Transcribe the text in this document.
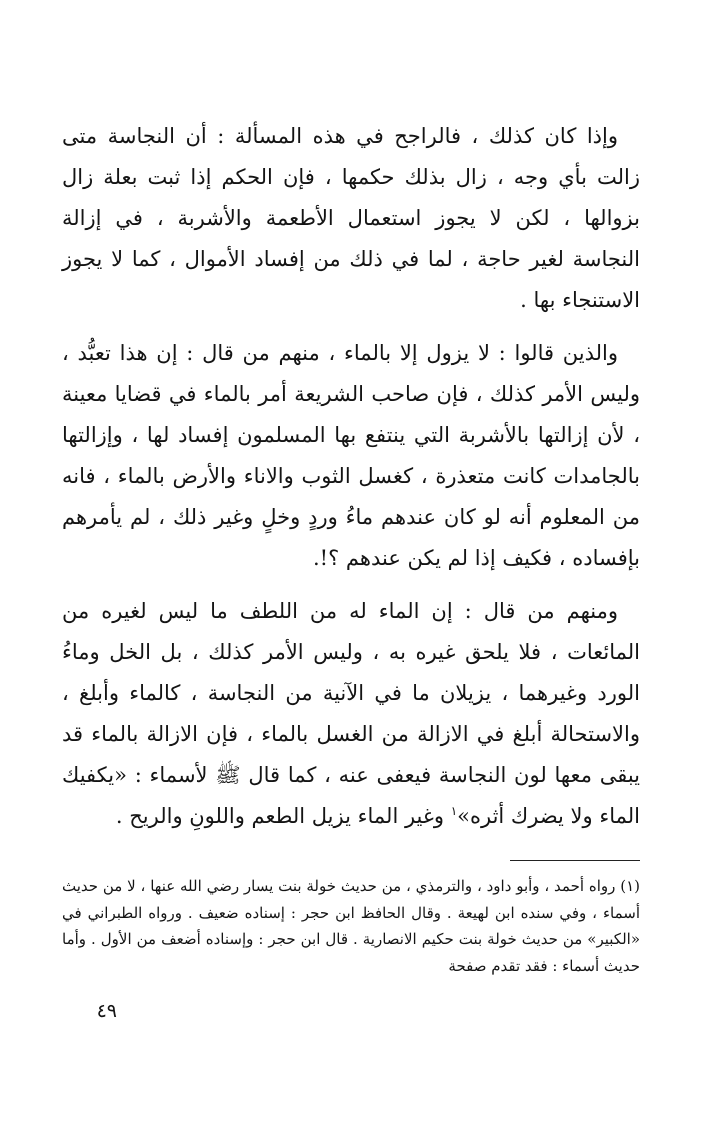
وإذا كان كذلك ، فالراجح في هذه المسألة : أن النجاسة متى زالت بأي وجه ، زال بذلك حكمها ، فإن الحكم إذا ثبت بعلة زال بزوالها ، لكن لا يجوز استعمال الأطعمة والأشربة ، في إزالة النجاسة لغير حاجة ، لما في ذلك من إفساد الأموال ، كما لا يجوز الاستنجاء بها .

والذين قالوا : لا يزول إلا بالماء ، منهم من قال : إن هذا تعبُّد ، وليس الأمر كذلك ، فإن صاحب الشريعة أمر بالماء في قضايا معينة ، لأن إزالتها بالأشربة التي ينتفع بها المسلمون إفساد لها ، وإزالتها بالجامدات كانت متعذرة ، كغسل الثوب والاناء والأرض بالماء ، فانه من المعلوم أنه لو كان عندهم ماءُ وردٍ وخلٍ وغير ذلك ، لم يأمرهم بإفساده ، فكيف إذا لم يكن عندهم ؟!.

ومنهم من قال : إن الماء له من اللطف ما ليس لغيره من المائعات ، فلا يلحق غيره به ، وليس الأمر كذلك ، بل الخل وماءُ الورد وغيرهما ، يزيلان ما في الآنية من النجاسة ، كالماء وأبلغ ، والاستحالة أبلغ في الازالة من الغسل بالماء ، فإن الازالة بالماء قد يبقى معها لون النجاسة فيعفى عنه ، كما قال ﷺ لأسماء : «يكفيك الماء ولا يضرك أثره»$^١$ وغير الماء يزيل الطعم واللونِ والريح .

(١) رواه أحمد ، وأبو داود ، والترمذي ، من حديث خولة بنت يسار رضي الله عنها ، لا من حديث أسماء ، وفي سنده ابن لهيعة . وقال الحافظ ابن حجر : إسناده ضعيف . ورواه الطبراني في «الكبير» من حديث خولة بنت حكيم الانصارية . قال ابن حجر : وإسناده أضعف من الأول . وأما حديث أسماء : فقد تقدم صفحة

٤٩
